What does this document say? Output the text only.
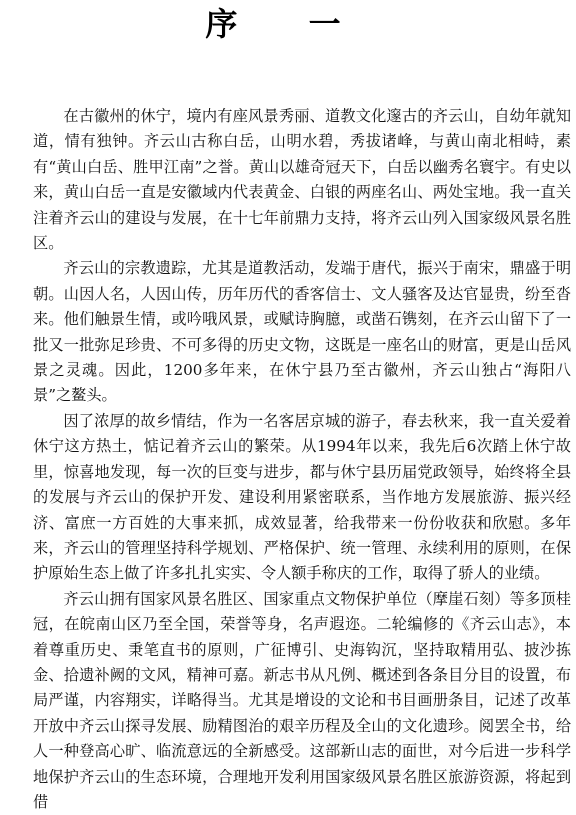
序 一

在古徽州的休宁，境内有座风景秀丽、道教文化邃古的齐云山，自幼年就知道，情有独钟。齐云山古称白岳，山明水碧，秀拔诸峰，与黄山南北相峙，素有“黄山白岳、胜甲江南”之誉。黄山以雄奇冠天下，白岳以幽秀名寰宇。有史以来，黄山白岳一直是安徽域内代表黄金、白银的两座名山、两处宝地。我一直关注着齐云山的建设与发展，在十七年前鼎力支持，将齐云山列入国家级风景名胜区。

齐云山的宗教遗踪，尤其是道教活动，发端于唐代，振兴于南宋，鼎盛于明朝。山因人名，人因山传，历年历代的香客信士、文人骚客及达官显贵，纷至沓来。他们触景生情，或吟哦风景，或赋诗胸臆，或凿石镌刻，在齐云山留下了一批又一批弥足珍贵、不可多得的历史文物，这既是一座名山的财富，更是山岳风景之灵魂。因此，1200多年来，在休宁县乃至古徽州，齐云山独占“海阳八景”之鳌头。

因了浓厚的故乡情结，作为一名客居京城的游子，春去秋来，我一直关爱着休宁这方热土，惦记着齐云山的繁荣。从1994年以来，我先后6次踏上休宁故里，惊喜地发现，每一次的巨变与进步，都与休宁县历届党政领导，始终将全县的发展与齐云山的保护开发、建设利用紧密联系，当作地方发展旅游、振兴经济、富庶一方百姓的大事来抓，成效显著，给我带来一份份收获和欣慰。多年来，齐云山的管理坚持科学规划、严格保护、统一管理、永续利用的原则，在保护原始生态上做了许多扎扎实实、令人额手称庆的工作，取得了骄人的业绩。

齐云山拥有国家风景名胜区、国家重点文物保护单位（摩崖石刻）等多顶桂冠，在皖南山区乃至全国，荣誉等身，名声遐迩。二轮编修的《齐云山志》，本着尊重历史、秉笔直书的原则，广征博引、史海钩沉，坚持取精用弘、披沙拣金、拾遗补阙的文风，精神可嘉。新志书从凡例、概述到各条目分目的设置，布局严谨，内容翔实，详略得当。尤其是增设的文论和书目画册条目，记述了改革开放中齐云山探寻发展、励精图治的艰辛历程及全山的文化遗珍。阅罢全书，给人一种登高心旷、临流意远的全新感受。这部新山志的面世，对今后进一步科学地保护齐云山的生态环境，合理地开发利用国家级风景名胜区旅游资源，将起到借
